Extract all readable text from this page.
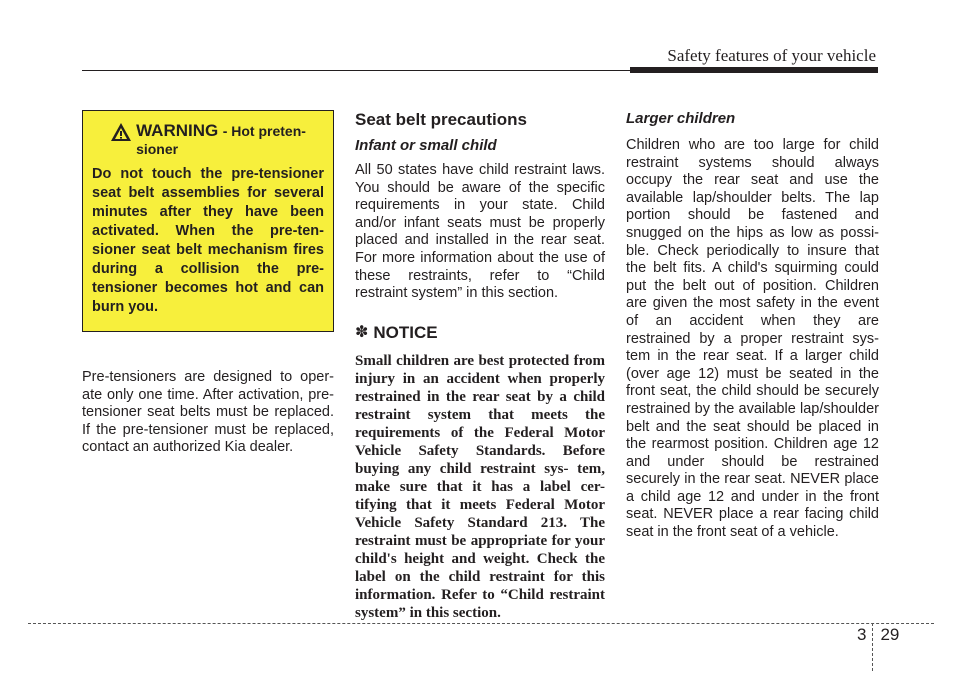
Safety features of your vehicle
WARNING - Hot preten-
sioner

Do not touch the pre-tensioner seat belt assemblies for several minutes after they have been activated. When the pre-ten- sioner seat belt mechanism fires during a collision the pre- tensioner becomes hot and can burn you.

Pre-tensioners are designed to oper- ate only one time. After activation, pre-tensioner seat belts must be replaced. If the pre-tensioner must be replaced, contact an authorized Kia dealer.

Seat belt precautions
Infant or small child

All 50 states have child restraint laws. You should be aware of the specific requirements in your state. Child and/or infant seats must be properly placed and installed in the rear seat. For more information about the use of these restraints, refer to “Child restraint system” in this section.

✽ NOTICE

Small children are best protected from injury in an accident when properly restrained in the rear seat by a child restraint system that meets the requirements of the Federal Motor Vehicle Safety Standards. Before buying any child restraint sys- tem, make sure that it has a label cer- tifying that it meets Federal Motor Vehicle Safety Standard 213. The restraint must be appropriate for your child's height and weight. Check the label on the child restraint for this information. Refer to “Child restraint system” in this section.

Larger children

Children who are too large for child restraint systems should always occupy the rear seat and use the available lap/shoulder belts. The lap portion should be fastened and snugged on the hips as low as possi- ble. Check periodically to insure that the belt fits. A child's squirming could put the belt out of position. Children are given the most safety in the event of an accident when they are restrained by a proper restraint sys- tem in the rear seat. If a larger child (over age 12) must be seated in the front seat, the child should be securely restrained by the available lap/shoulder belt and the seat should be placed in the rearmost position. Children age 12 and under should be restrained securely in the rear seat. NEVER place a child age 12 and under in the front seat. NEVER place a rear facing child seat in the front seat of a vehicle.

3 29
